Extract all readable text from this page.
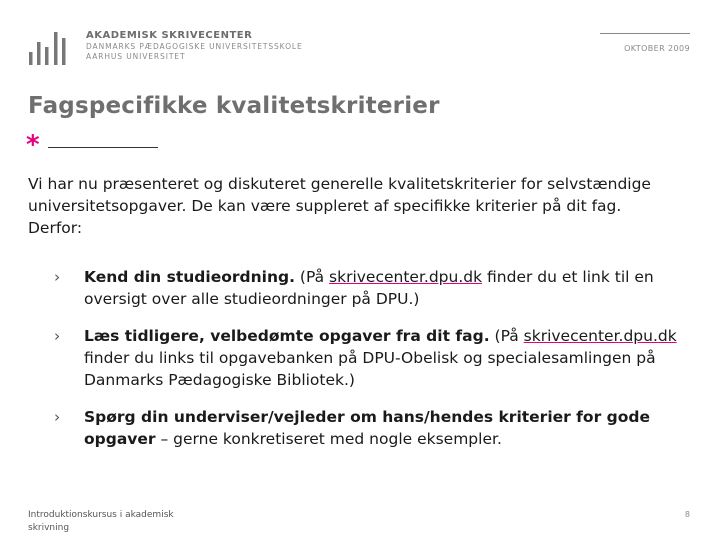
AKADEMISK SKRIVECENTER
DANMARKS PÆDAGOGISKE UNIVERSITETSSKOLE
AARHUS UNIVERSITET
OKTOBER 2009
Fagspecifikke kvalitetskriterier
*

Vi har nu præsenteret og diskuteret generelle kvalitetskriterier for selvstændige universitetsopgaver. De kan være suppleret af specifikke kriterier på dit fag. Derfor:

› Kend din studieordning. (På skrivecenter.dpu.dk finder du et link til en oversigt over alle studieordninger på DPU.)
› Læs tidligere, velbedømte opgaver fra dit fag. (På skrivecenter.dpu.dk finder du links til opgavebanken på DPU-Obelisk og specialesamlingen på Danmarks Pædagogiske Bibliotek.)
› Spørg din underviser/vejleder om hans/hendes kriterier for gode opgaver – gerne konkretiseret med nogle eksempler.
Introduktionskursus i akademisk skrivning
8
